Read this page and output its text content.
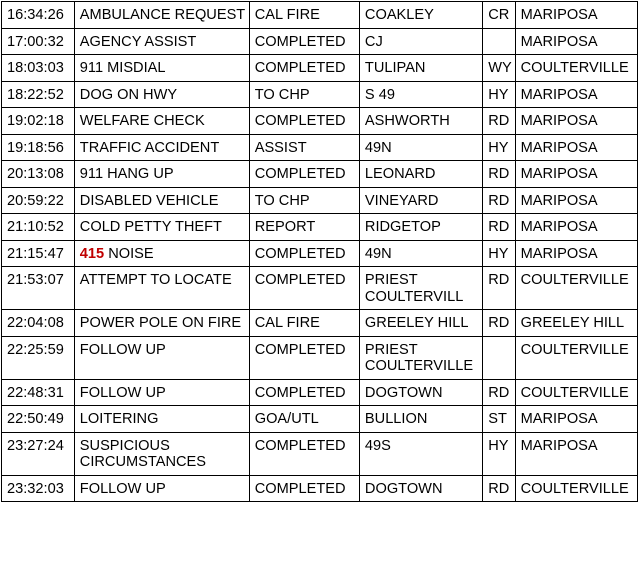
16:34:26	AMBULANCE REQUEST	CAL FIRE	COAKLEY	CR	MARIPOSA
17:00:32	AGENCY ASSIST	COMPLETED	CJ		MARIPOSA
18:03:03	911 MISDIAL	COMPLETED	TULIPAN	WY	COULTERVILLE
18:22:52	DOG ON HWY	TO CHP	S 49	HY	MARIPOSA
19:02:18	WELFARE CHECK	COMPLETED	ASHWORTH	RD	MARIPOSA
19:18:56	TRAFFIC ACCIDENT	ASSIST	49N	HY	MARIPOSA
20:13:08	911 HANG UP	COMPLETED	LEONARD	RD	MARIPOSA
20:59:22	DISABLED VEHICLE	TO CHP	VINEYARD	RD	MARIPOSA
21:10:52	COLD PETTY THEFT	REPORT	RIDGETOP	RD	MARIPOSA
21:15:47	415 NOISE	COMPLETED	49N	HY	MARIPOSA
21:53:07	ATTEMPT TO LOCATE	COMPLETED	PRIEST COULTERVILL	RD	COULTERVILLE
22:04:08	POWER POLE ON FIRE	CAL FIRE	GREELEY HILL	RD	GREELEY HILL
22:25:59	FOLLOW UP	COMPLETED	PRIEST COULTERVILLE		COULTERVILLE
22:48:31	FOLLOW UP	COMPLETED	DOGTOWN	RD	COULTERVILLE
22:50:49	LOITERING	GOA/UTL	BULLION	ST	MARIPOSA
23:27:24	SUSPICIOUS CIRCUMSTANCES	COMPLETED	49S	HY	MARIPOSA
23:32:03	FOLLOW UP	COMPLETED	DOGTOWN	RD	COULTERVILLE
